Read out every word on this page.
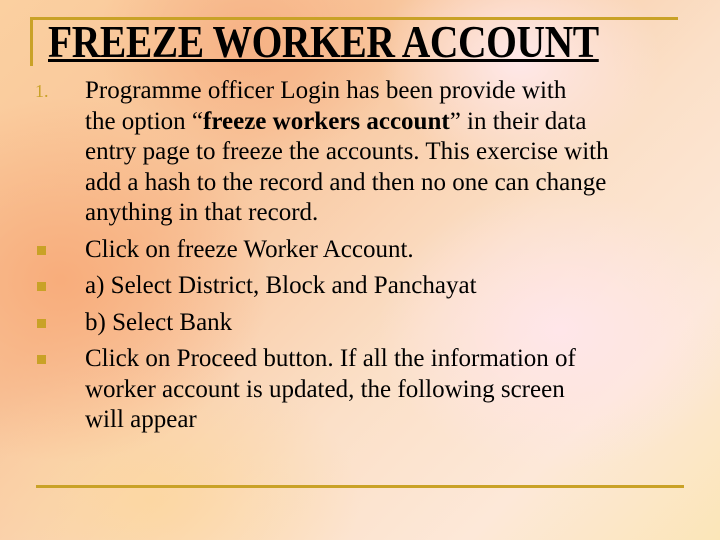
FREEZE WORKER ACCOUNT
1. Programme officer Login has been provide with
the option “freeze workers account” in their data
entry page to freeze the accounts. This exercise with
add a hash to the record and then no one can change
anything in that record.
Click on freeze Worker Account.
a) Select District, Block and Panchayat
b) Select Bank
Click on Proceed button. If all the information of
worker account is updated, the following screen
will appear
